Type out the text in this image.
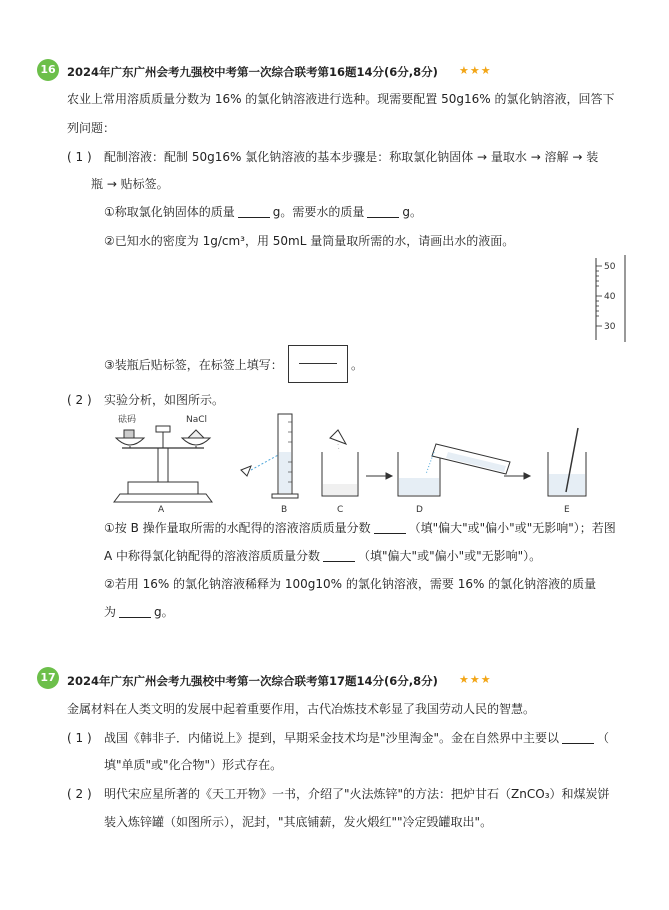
16 2024年广东广州会考九强校中考第一次综合联考第16题14分(6分,8分) ★★★
农业上常用溶质质量分数为 16% 的氯化钠溶液进行选种。现需要配置 50g16% 的氯化钠溶液，回答下
列问题：
( 1 ) 配制溶液：配制 50g16% 氯化钠溶液的基本步骤是：称取氯化钠固体 → 量取水 → 溶解 → 装
瓶 → 贴标签。
①称取氯化钠固体的质量	g。需要水的质量	g。
②已知水的密度为 1g/cm³，用 50mL 量筒量取所需的水，请画出水的液面。
50
40
30
③装瓶后贴标签，在标签上填写：	。
( 2 ) 实验分析，如图所示。
砝码	NaCl
A	B	C	D	E
①按 B 操作量取所需的水配得的溶液溶质质量分数	（填"偏大"或"偏小"或"无影响"）；若图
A 中称得氯化钠配得的溶液溶质质量分数	（填"偏大"或"偏小"或"无影响"）。
②若用 16% 的氯化钠溶液稀释为 100g10% 的氯化钠溶液，需要 16% 的氯化钠溶液的质量
为	g。
17 2024年广东广州会考九强校中考第一次综合联考第17题14分(6分,8分) ★★★
金属材料在人类文明的发展中起着重要作用，古代冶炼技术彰显了我国劳动人民的智慧。
( 1 ) 战国《韩非子．内储说上》提到，早期采金技术均是"沙里淘金"。金在自然界中主要以	（
填"单质"或"化合物"）形式存在。
( 2 ) 明代宋应星所著的《天工开物》一书，介绍了"火法炼锌"的方法：把炉甘石（ZnCO₃）和煤炭饼
装入炼锌罐（如图所示），泥封，"其底铺薪，发火煅红""冷定毁罐取出"。
